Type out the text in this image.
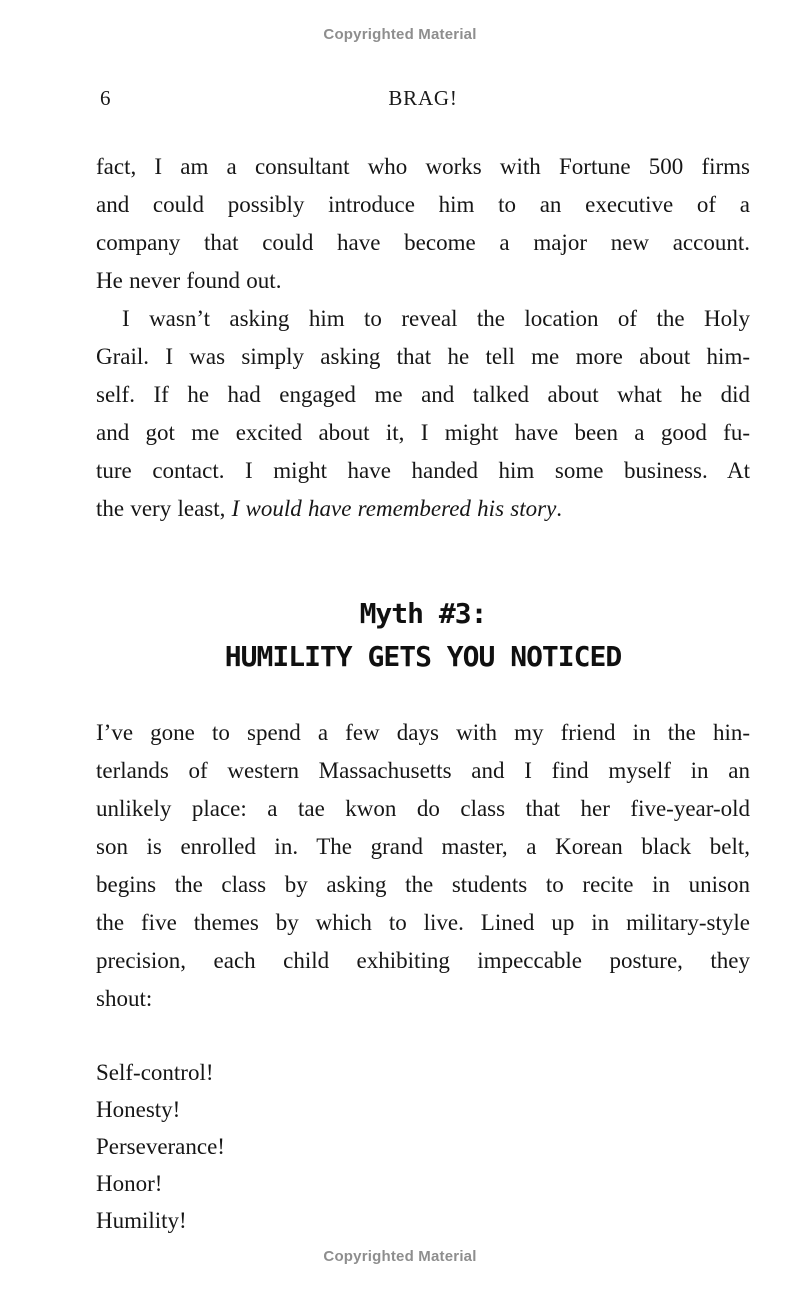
Copyrighted Material
6	BRAG!
fact, I am a consultant who works with Fortune 500 firms
and could possibly introduce him to an executive of a
company that could have become a major new account.
He never found out.
I wasn’t asking him to reveal the location of the Holy
Grail. I was simply asking that he tell me more about him-
self. If he had engaged me and talked about what he did
and got me excited about it, I might have been a good fu-
ture contact. I might have handed him some business. At
the very least, I would have remembered his story.
Myth #3:
HUMILITY GETS YOU NOTICED
I’ve gone to spend a few days with my friend in the hin-
terlands of western Massachusetts and I find myself in an
unlikely place: a tae kwon do class that her five-year-old
son is enrolled in. The grand master, a Korean black belt,
begins the class by asking the students to recite in unison
the five themes by which to live. Lined up in military-style
precision, each child exhibiting impeccable posture, they
shout:
Self-control!
Honesty!
Perseverance!
Honor!
Humility!
Copyrighted Material
